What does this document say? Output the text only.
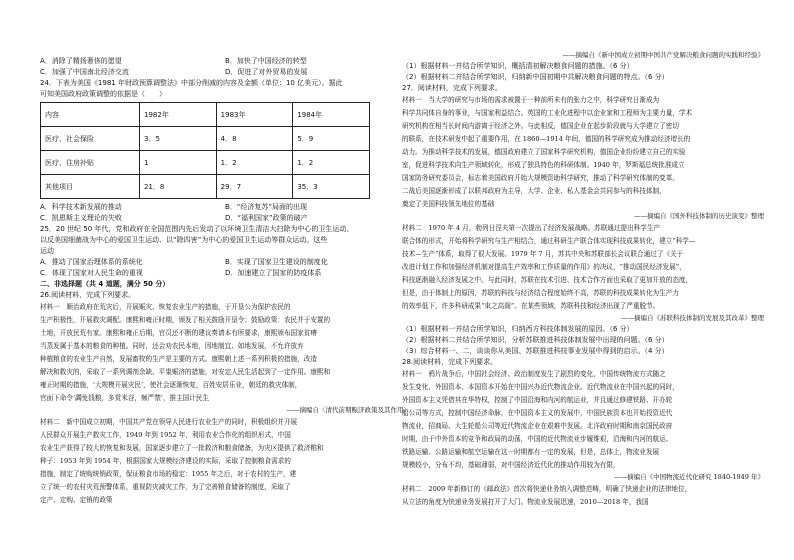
A．消除了精扬奢侈的愿望	B．加快了中国经济的转型
C．加强了中国南北经济交流	D．促进了对外贸易的发展
24．下表为美国《1981 年财政预算调整法》中部分削减的内容及金额（单位：10 亿美元）。据此
可知美国政府政策调整的依据是（　　）
内容	1982年	1983年	1984年
医疗、社会保险	3．5	4．8	5．9
医疗、住房补贴	1	1．2	1．2
其他项目	21．8	29．7	35．3
A．科学技术新发展的推动	B．“经济复苏”局面的出现
C．凯恩斯主义理论的失败	D．“福利国家”政策的破产
25．20 世纪 50 年代，党和政府在全国范围内先后发动了以环境卫生清洁大扫除为中心的卫生运动、
以反美国细菌战为中心的爱国卫生运动、以“除四害”为中心的爱国卫生运动等群众运动。这些
运动
A．推动了国家治理体系的系统化	B．实现了国家卫生建设的制度化
C．体现了国家对人民生命的重视	D．加速建立了国家的防疫体系
二、非选择题（共 4 道题，满分 50 分）
26.阅读材料，完成下列要求。
材料一　顺治政府在荒灾后，开展赈灾、恢复农业生产的措施，于开垦公为保护农民的
生产积极性，开展救灾调配。康熙和雍正时期，颁发了相关鼓励开垦令；鼓励政策：农民并于安置的
土地，开放民荒有家。康熙和雍正后期，官员还不断的建议奏请本有所要求，康熙颁布国家贫瘠
当蒸发属于基本的粮食的种植。同时，还会劝农民本地，因地制宜、如地发展，不允许放弃
种植粮食的农业生产自然，发展畜牧的生产是主要的方式。康熙朝上述一系列积极的措施，改造
解决和救灾的，采取了一系列调剂余缺、平粜赈济的措施，对安定人民生活起到了一定作用。康熙和
雍正时期的措施，‘大规模开展灾民’，使社会逐渐恢复，百姓安居乐业，朝廷的救灾体制，
官面下命令‘蠲免钱粮，多赏米谷，频严禁’，推主国计民生
——摘编自〈清代前期赈济政策及其作用〉
材料二　新中国成立初期，中国共产党在领导人民进行农业生产的同时，积极组织并开展
人民群众开展生产救灾工作，1949 年到 1952 年，利用农业合作化的组织形式，中国
农业生产获得了较大的恢复和发展，国家逐步建立了一批救济和粮食储备，为灾区提供了救济粮和
种子：1953 年到 1954 年，根据国家大规模经济建设的实际，采取了控制粮食需求的
措施，制定了统购统销政策，保证粮食市场的稳定：1955 年之后，对于农村的生产，建
立了统一的农村灾荒预警体系，重视防灾减灾工作，为了完善粮食储备的制度，采取了
定产、定购、定销的政策
——摘编自《新中国成立初期中国共产党解决粮食问题的实践和经验》
（1）根据材料一并结合所学知识，概括清初解决粮食问题的措施。（6 分）
（2）根据材料二并结合所学知识，归纳新中国初期中共解决粮食问题的特点。（6 分）
27．阅读材料，完成下列要求。
材料一　当大学的研究与市场的需求被置于一种前所未有的张力之中，科学研究日渐成为
科学共同体自身的事业，与国家利益结合。英国的工业化进程中以企业家和工程师为主要力量，学术
研究机构在相当长时间内游离于经济之外。与此相反，德国企业在起步阶段就与大学建立了密切
的联系，在技术研发中起了重要作用，在 1860—1914 年间，德国的科学研究成为推动经济增长的
动力。为推动科学技术的发展，德国政府建立了国家科学研究机构，德国企业纷纷建立自己的实验
室，促进科学技术向生产领域转化，形成了独具特色的科研体制。1940 年，罗斯福总统批准成立
国家防务研究委员会，标志着美国政府开始大规模资助科学研究，推动了科学研究体制的变革。
二战后美国逐渐形成了以联邦政府为主导，大学、企业、私人基金会共同参与的科技体制，
奠定了美国科技领先地位的基础
——摘编自《国外科技体制的历史演变》整理
材料二　1970 年 4 月，勃列日涅夫第一次提出了经济发展战略。苏联通过提出科学生产
联合体的形式，开始将科学研究与生产相结合，通过科研生产联合体实现科技成果转化，建立“科学—
技术—生产”体系，取得了很大发展。1979 年 7 月，苏共中央和苏联部长会议联合通过了《关于
改进计划工作和加强经济机制对提高生产效率和工作质量的作用》的决议，“推动国民经济发展”，
科技逐渐融入经济发展之中。与此同时，苏联在技术引进、技术合作方面也采取了更加开放的态度，
但是，由于体制上的原因，苏联的科技与经济结合程度始终不高，苏联的科技成果转化为生产力
的效率低下，许多科研成果“束之高阁”。在某些领域，苏联科技和经济出现了严重脱节。
——摘编自《苏联科技体制的发展及其改革》整理
（1）根据材料一并结合所学知识，归纳西方科技体制发展的原因。（6 分）
（2）根据材料二并结合所学知识，分析苏联推进科技体制发展中出现的问题。（6 分）
（3）综合材料一、二，谈谈你从美国、苏联推进科技事业发展中得到的启示。（4 分）
28.阅读材料，完成下列要求。
材料一　鸦片战争后，中国社会经济、政治制度发生了剧烈的变化，中国传统物流方式随之
发生变化，外国资本、本国资本开始在中国兴办近代物流企业。近代物流业在中国兴起的同时，
外国资本主义凭借其在华特权，控制了中国沿海和内河的航运业，并且通过修建铁路、开办轮
船公司等方式，控制中国经济命脉，在中国资本主义的发展中，中国民族资本也开始投资近代
物流业，招商局、大生轮船公司等近代物流企业在艰难中发展。北洋政府时期和南京国民政府
时期，由于中外资本的竞争和政局的动荡，中国的近代物流业步履维艰，沿海和内河的航运、
铁路运输、公路运输和航空运输在这一时期都有一定的发展，但是，总体上，物流业发展
规模较小，分布不均，基础薄弱，对中国经济近代化的推动作用较为有限，
——摘编自《中国物流近代化研究 1840-1949 年》
材料二　2009 年新修订的《邮政法》首次将快递业务纳入调整范畴，明确了快递企业的法律地位，
从立法的角度为快递业务发展打开了大门。物流业发展迅速，2010—2018 年，我国
